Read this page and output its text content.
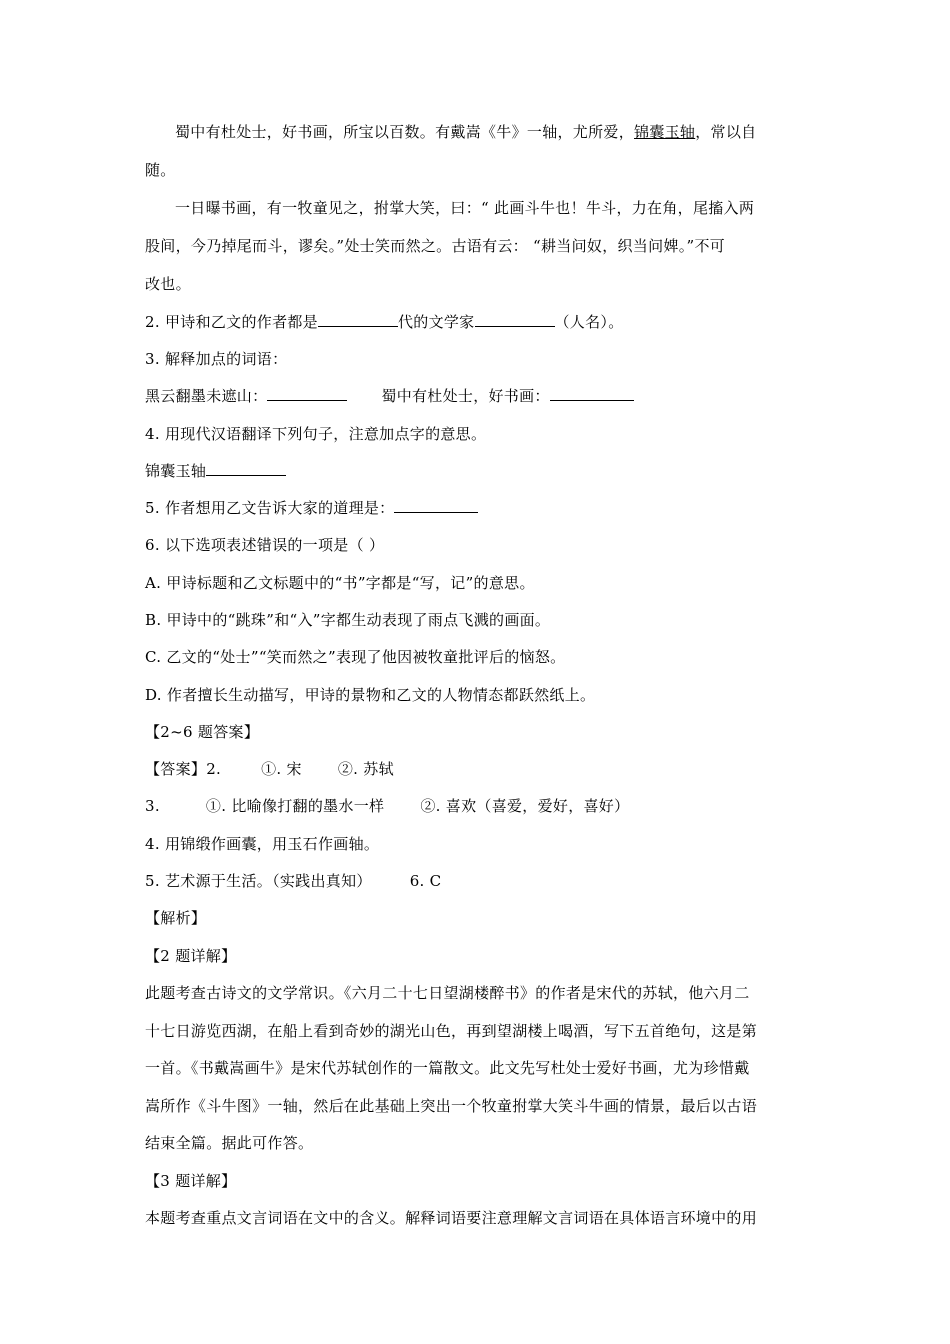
蜀中有杜处士，好书画，所宝以百数。有戴嵩《牛》一轴，尤所爱，锦囊玉轴，常以自
随。
一日曝书画，有一牧童见之，拊掌大笑，曰：“ 此画斗牛也！牛斗，力在角，尾搐入两
股间，今乃掉尾而斗，谬矣。”处士笑而然之。古语有云： “耕当问奴，织当问婢。”不可
改也。
2. 甲诗和乙文的作者都是	代的文学家	（人名）。
3. 解释加点的词语：
黑云翻墨未遮山：	蜀中有杜处士，好书画：
4. 用现代汉语翻译下列句子，注意加点字的意思。
锦囊玉轴
5. 作者想用乙文告诉大家的道理是：
6. 以下选项表述错误的一项是（ ）
A. 甲诗标题和乙文标题中的“书”字都是“写，记”的意思。
B. 甲诗中的“跳珠”和“入”字都生动表现了雨点飞溅的画面。
C. 乙文的“处士”“笑而然之”表现了他因被牧童批评后的恼怒。
D. 作者擅长生动描写，甲诗的景物和乙文的人物情态都跃然纸上。
【2~6 题答案】
【答案】2.	①. 宋 ②. 苏轼
3.	①. 比喻像打翻的墨水一样 ②. 喜欢（喜爱，爱好，喜好）
4. 用锦缎作画囊，用玉石作画轴。
5. 艺术源于生活。（实践出真知）	6. C
【解析】
【2 题详解】
此题考查古诗文的文学常识。《六月二十七日望湖楼醉书》的作者是宋代的苏轼，他六月二
十七日游览西湖，在船上看到奇妙的湖光山色，再到望湖楼上喝酒，写下五首绝句，这是第
一首。《书戴嵩画牛》是宋代苏轼创作的一篇散文。此文先写杜处士爱好书画，尤为珍惜戴
嵩所作《斗牛图》一轴，然后在此基础上突出一个牧童拊掌大笑斗牛画的情景，最后以古语
结束全篇。据此可作答。
【3 题详解】
本题考查重点文言词语在文中的含义。解释词语要注意理解文言词语在具体语言环境中的用
